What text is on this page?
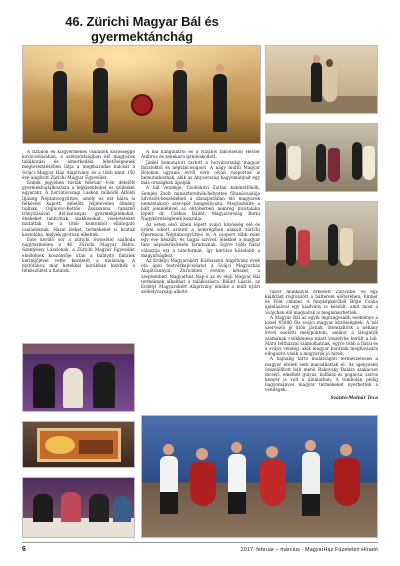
46. Zürichi Magyar Bál és gyermektánchág

A fiatalok és kisgyermekes családok közösséggé kovácsolásában, a szétszórtságban élő magyarok találkozási és ismerkedési lehetőségeinek megteremtésében látja a megmaradás kulcsát a Svájci Magyar Ház Alapítvány és a több mint 150 éve alapított Zürichi Magyar Egyesület.

Ennek jegyében hívták február 4-én délelőtt gyermekfoglalkozásra a legkisebbeket és szüleiket egyaránt. A horvátországi Laskón működő Alföldi Iljászig Néptáncegyüttes, amely ez ezt bálra is felkérést kapott, délelőtt feljétevelen élmény tudnak. Ogjnovic-Kettős Zsuzsanna tanárnő irányításával dél-baranyai gyermekjátékokat, énekeket tanítottak, szakkosokat, viseleteteket mutattak be a több kontonból ellátogató családoknak. Hazai ízeket, termékeket is hoztak kóstolóba, melyek gyorsan elkeltek.

Este kerülő sor a zürichi Swissôtel szállóda nagytermében a 46. Zürichi Magyar Bálra. Szentjessy Lászlónak, a Zürichi Magyar Egyesület elnökének köszöntője után a bálnyitó fiatalok keringőjével vette kezdetét a mulatság. A nyitótánca már hetekkel korábban kezdték a felkészülést a fiatalok.

A bál hangulatról és a vílzatos táncezedől Hester Ambrus és zenekara gondoskodott.

Jámel bemutatott tartott a horvátországi magyar fiataloktól és néptáncosaport. A nagy múltú Magyar Bölokon ugyanis évről évre olyan csoportok is bemutatkoznak, akik az Anyaország hagyományait egy más országban ápolják.

A bál vendége, Csollókövi Zoltán kabinetfőnök, Semjén Zsolt miniszterelnök-helyettes főtanácsadója üdvözölt-beszédében a diaszpórában élő magyarok nemzetakotó szerepét hangsúlyozta. Megtisztelte a bált jelenlétével az októberben nemrég hivatalába lépett dr. Czékus Bálint, Magyarország Berni Nagykövetségének konzulja.

Az esten első ízben lépett svájci közösség elé és örömi sikert aratott a nemrégiben alakult zürichi Óperencia Néptáncegyüttes is. A csoport több mint egy éve készült, és tagjai szívvel, lélekkel a magyar tánc népszerűsítésén fáradoznak. Egyre több fiatal választja ezt a táncformát, így kerülve közelebb a magyarsághoz.

Az Erdélyi Magyarokért Közhasznú Alapítvány évek óta ápol testvérkapcsolatot a Svájci Magyarház Alapítvánnyal. Zürichben évente kétszer, a szeptemberi Magyarház Nap-s az év eleji Magyar Bál termeknek alkalmat a találkozásra. Bálint László, az Erdélyi Magyarokért Alapítvány elnöke a múlt nyári székelyvarsági alkotó-	tábor munkáival érkezett Zürichbe, és egy kiállítást rögtönzött a bálterem előterében, Ember és Föld címmel. A fényképkérőből Böjte Csaba ajánlásával egy kiadvány is készült, amit most a Svájcban élő magyarok is megismerhettek.

A Magyar Bál az egyik legrangosabb eseménye a közel 45000 fős svájci magyar közösségnek. A bál szervezői jó ütőn járnak, ütemtaltörk a néhány évvel ezelőtti mélypontom, amikor a látogatók számának csökkenése miatt veszélybe került a bál. Mára teltházzal számolhatnak, egyre több a fiatal és a svájci vendég, akik magyar barátaik meghívására ellogadva vásik a magyarok jó híreit.

A hajnalig tartó mulatságon természetesen a magyar ételek sem maradhattak el: Az igényesen összeállított báli menü Rakovsky Balázs szakácsot dicséri, emellett gulyás, kolbász és pogácsa, zsíros kenyér is volt a kínálatban. A tombolán pedig hagyományos magyar termékeket nyerhettek a vendégek.

Szántó-Molnár Teca

6	2017. február – március · MagyarHáz Füzetelen Híradó
